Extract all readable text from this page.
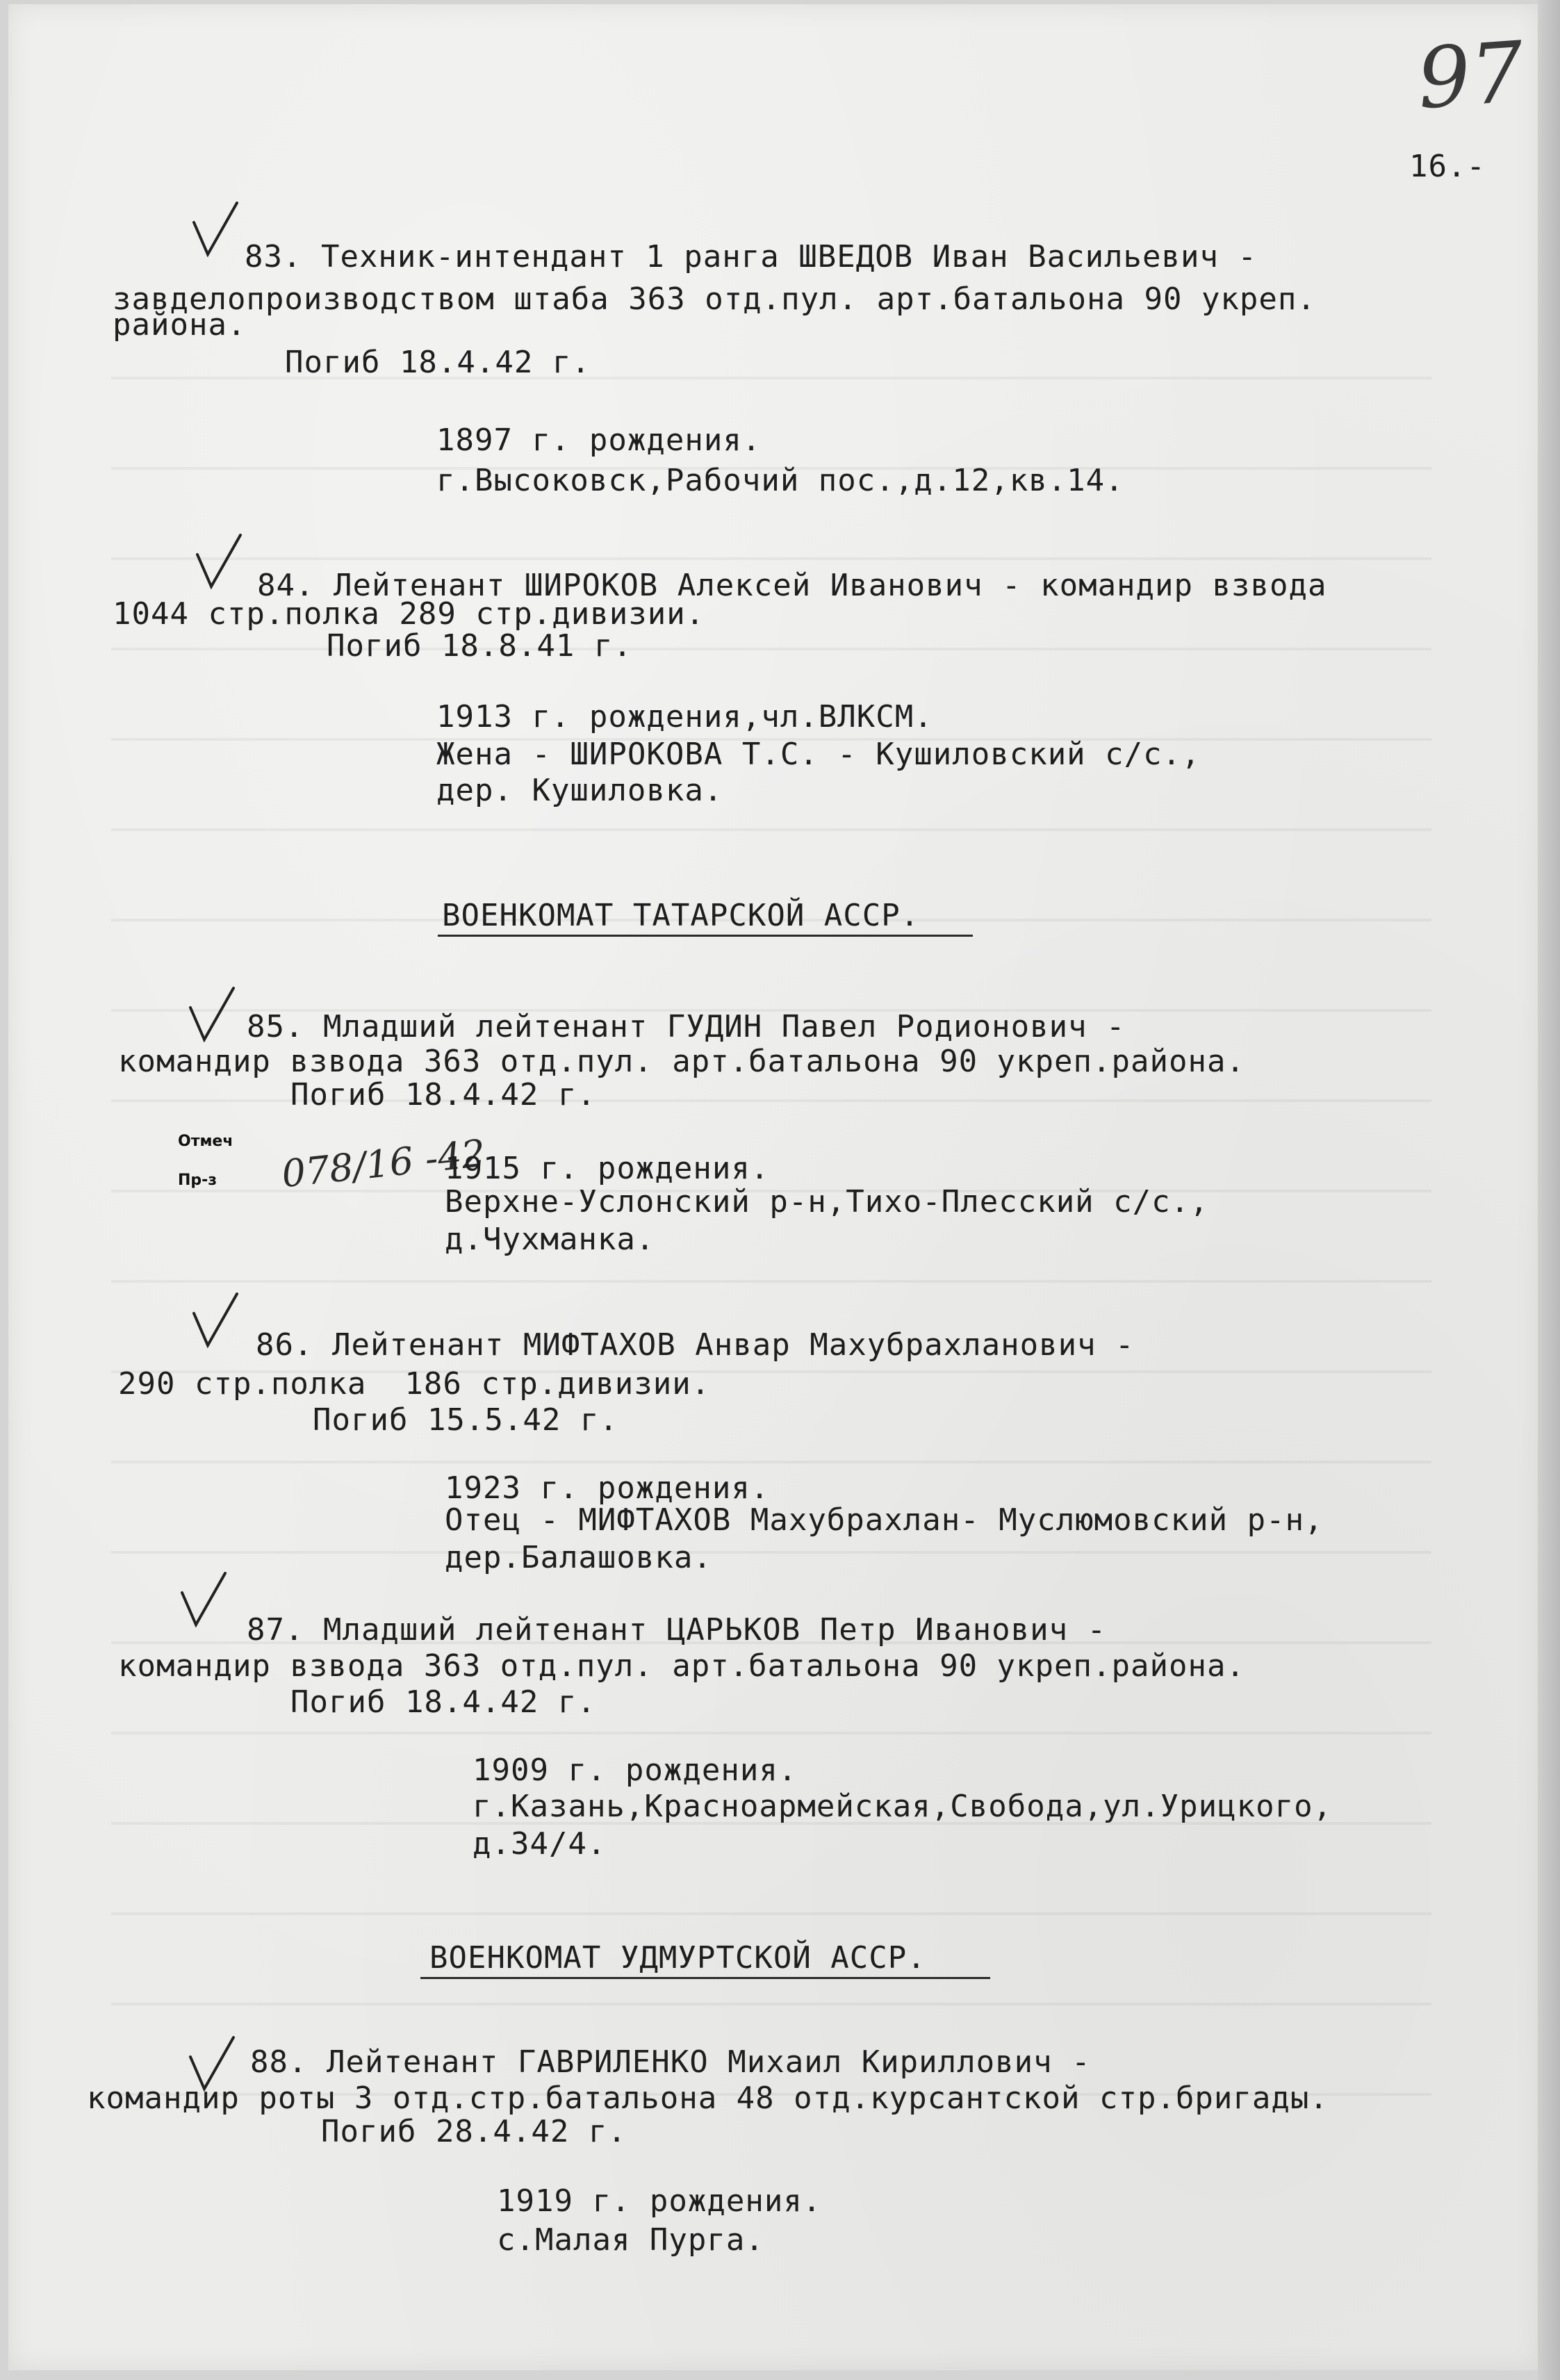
97
16.-
83. Техник-интендант 1 ранга ШВЕДОВ Иван Васильевич -
завделопроизводством штаба 363 отд.пул. арт.батальона 90 укреп.
района.
Погиб 18.4.42 г.
1897 г. рождения.
г.Высоковск,Рабочий пос.,д.12,кв.14.
84. Лейтенант ШИРОКОВ Алексей Иванович - командир взвода
1044 стр.полка 289 стр.дивизии.
Погиб 18.8.41 г.
1913 г. рождения,чл.ВЛКСМ.
Жена - ШИРОКОВА Т.С. - Кушиловский с/с.,
дер. Кушиловка.
ВОЕНКОМАТ ТАТАРСКОЙ АССР.
85. Младший лейтенант ГУДИН Павел Родионович -
командир взвода 363 отд.пул. арт.батальона 90 укреп.района.
Погиб 18.4.42 г.
Отмеч
Пр-з 078/16 -42
1915 г. рождения.
Верхне-Услонский р-н,Тихо-Плесский с/с.,
д.Чухманка.
86. Лейтенант МИФТАХОВ Анвар Махубрахланович -
290 стр.полка  186 стр.дивизии.
Погиб 15.5.42 г.
1923 г. рождения.
Отец - МИФТАХОВ Махубрахлан- Муслюмовский р-н,
дер.Балашовка.
87. Младший лейтенант ЦАРЬКОВ Петр Иванович -
командир взвода 363 отд.пул. арт.батальона 90 укреп.района.
Погиб 18.4.42 г.
1909 г. рождения.
г.Казань,Красноармейская,Свобода,ул.Урицкого,
д.34/4.
ВОЕНКОМАТ УДМУРТСКОЙ АССР.
88. Лейтенант ГАВРИЛЕНКО Михаил Кириллович -
командир роты 3 отд.стр.батальона 48 отд.курсантской стр.бригады.
Погиб 28.4.42 г.
1919 г. рождения.
с.Малая Пурга.
